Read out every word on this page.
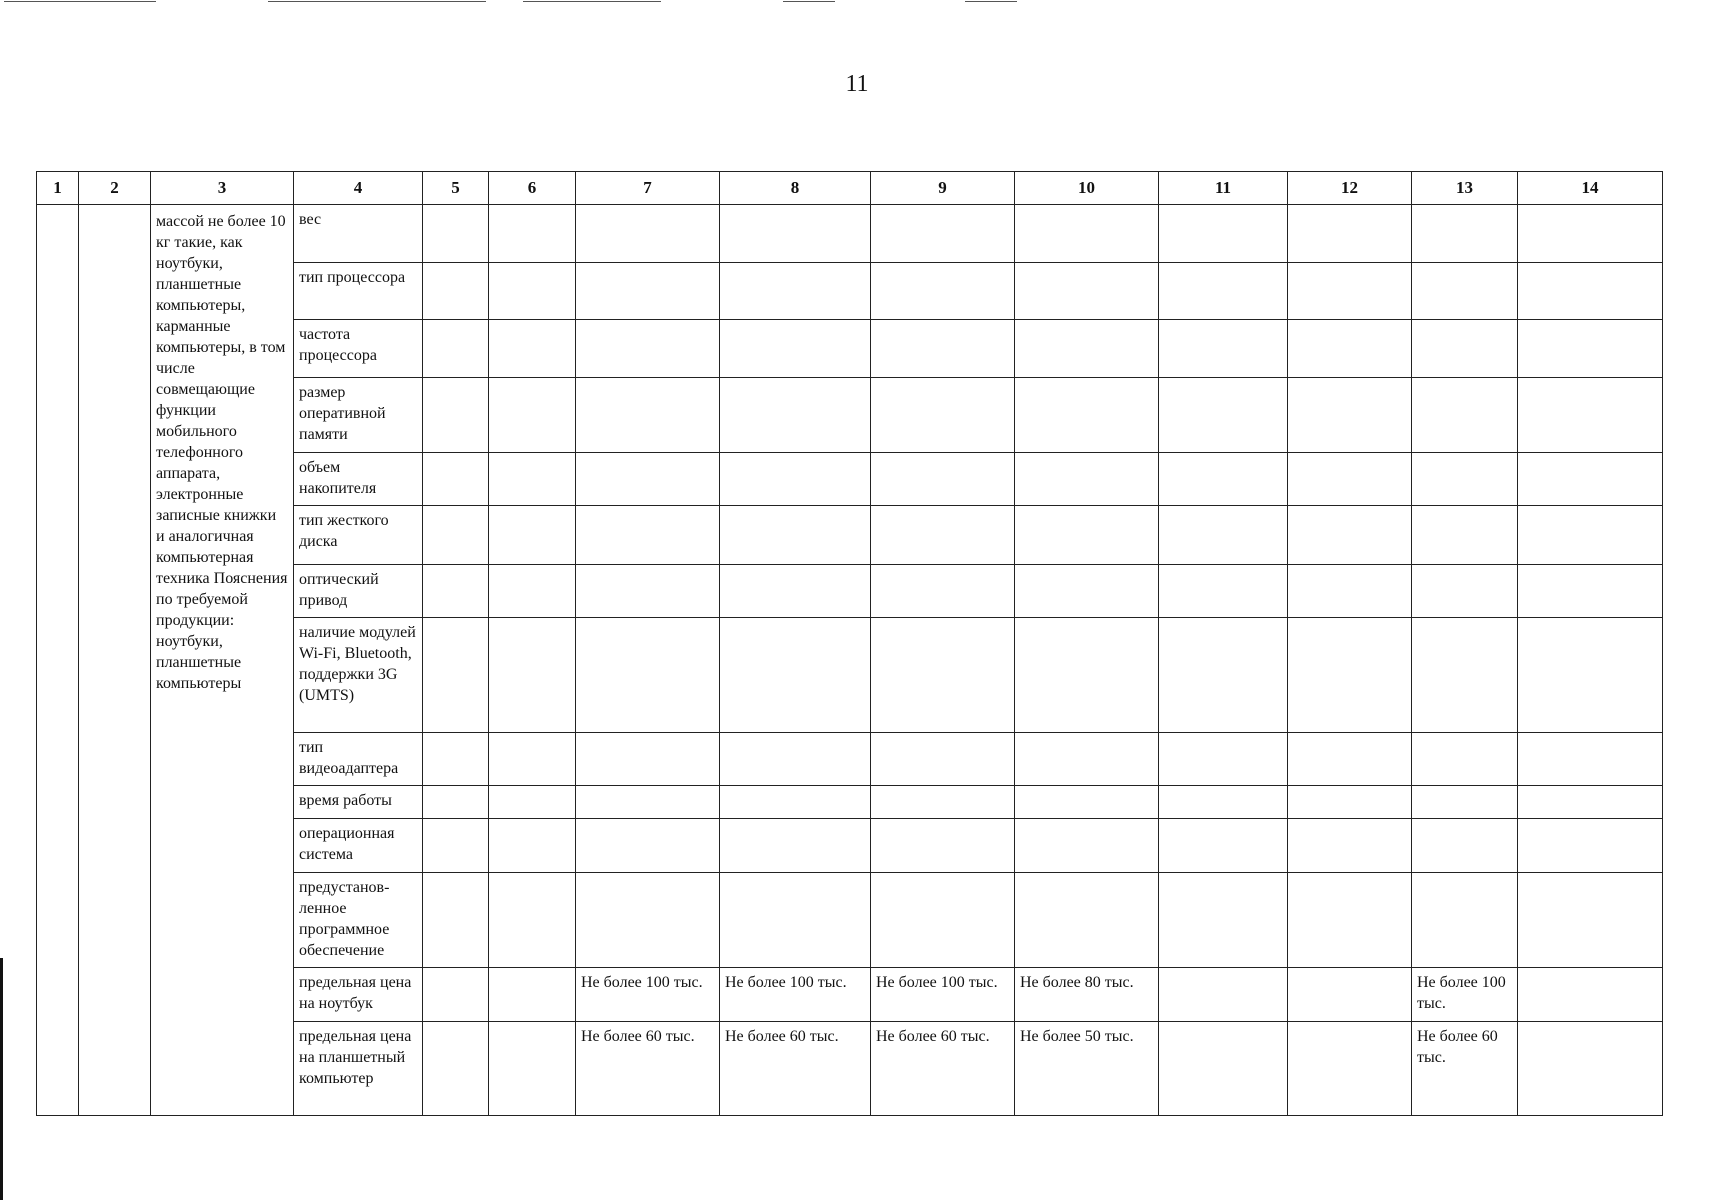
11
1	2	3	4	5	6	7	8	9	10	11	12	13	14
		массой не более 10 кг такие, как ноутбуки, планшетные компьютеры, карманные компьютеры, в том числе совмещающие функции мобильного телефонного аппарата, электронные записные книжки и аналогичная компьютерная техника Пояснения по требуемой продукции: ноутбуки, планшетные компьютеры	вес										
			тип процессора										
			частота процессора										
			размер оперативной памяти										
			объем накопителя										
			тип жесткого диска										
			оптический привод										
			наличие модулей Wi-Fi, Bluetooth, поддержки 3G (UMTS)										
			тип видеоадаптера										
			время работы										
			операционная система										
			предустанов-ленное программное обеспечение										
			предельная цена на ноутбук			Не более 100 тыс.	Не более 100 тыс.	Не более 100 тыс.	Не более 80 тыс.			Не более 100 тыс.	
			предельная цена на планшетный компьютер			Не более 60 тыс.	Не более 60 тыс.	Не более 60 тыс.	Не более 50 тыс.			Не более 60 тыс.	
